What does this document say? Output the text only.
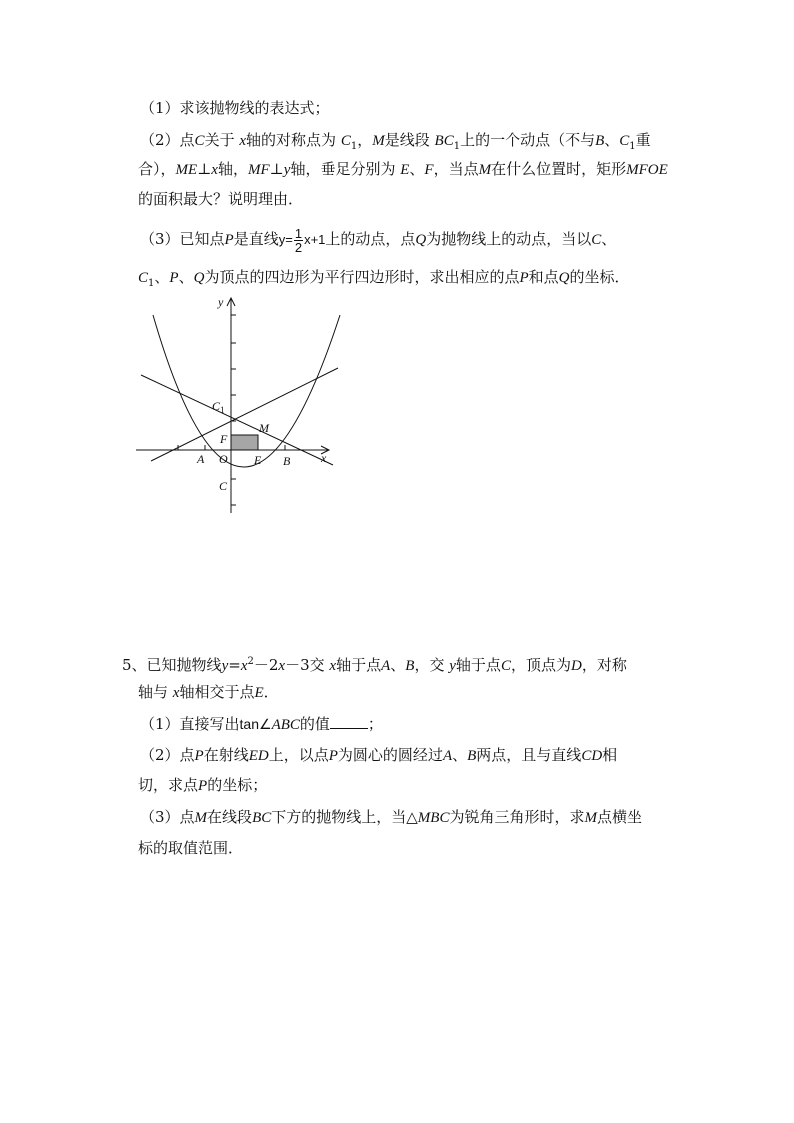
（1）求该抛物线的表达式；
（2）点C关于 x轴的对称点为 $C_1$，M是线段 $BC_1$上的一个动点（不与B、$C_1$重
合），ME⊥x轴，MF⊥y轴，垂足分别为 E、F，当点M在什么位置时，矩形MFOE
的面积最大？说明理由．
（3）已知点P是直线$y= \frac{1}{2} x+1$上的动点，点Q为抛物线上的动点，当以C、
$C_1$、P、Q为顶点的四边形为平行四边形时，求出相应的点P和点Q的坐标．
y
x
$C_1$
M
F
A O E B
C
5、已知抛物线$y=x^2-2x-3$交 x轴于点A、B，交 y轴于点C，顶点为D，对称
轴与 x轴相交于点E．
（1）直接写出tan∠ABC的值	；
（2）点P在射线ED上，以点P为圆心的圆经过A、B两点，且与直线CD相
切，求点P的坐标；
（3）点M在线段BC下方的抛物线上，当△MBC为锐角三角形时，求M点横坐
标的取值范围．
